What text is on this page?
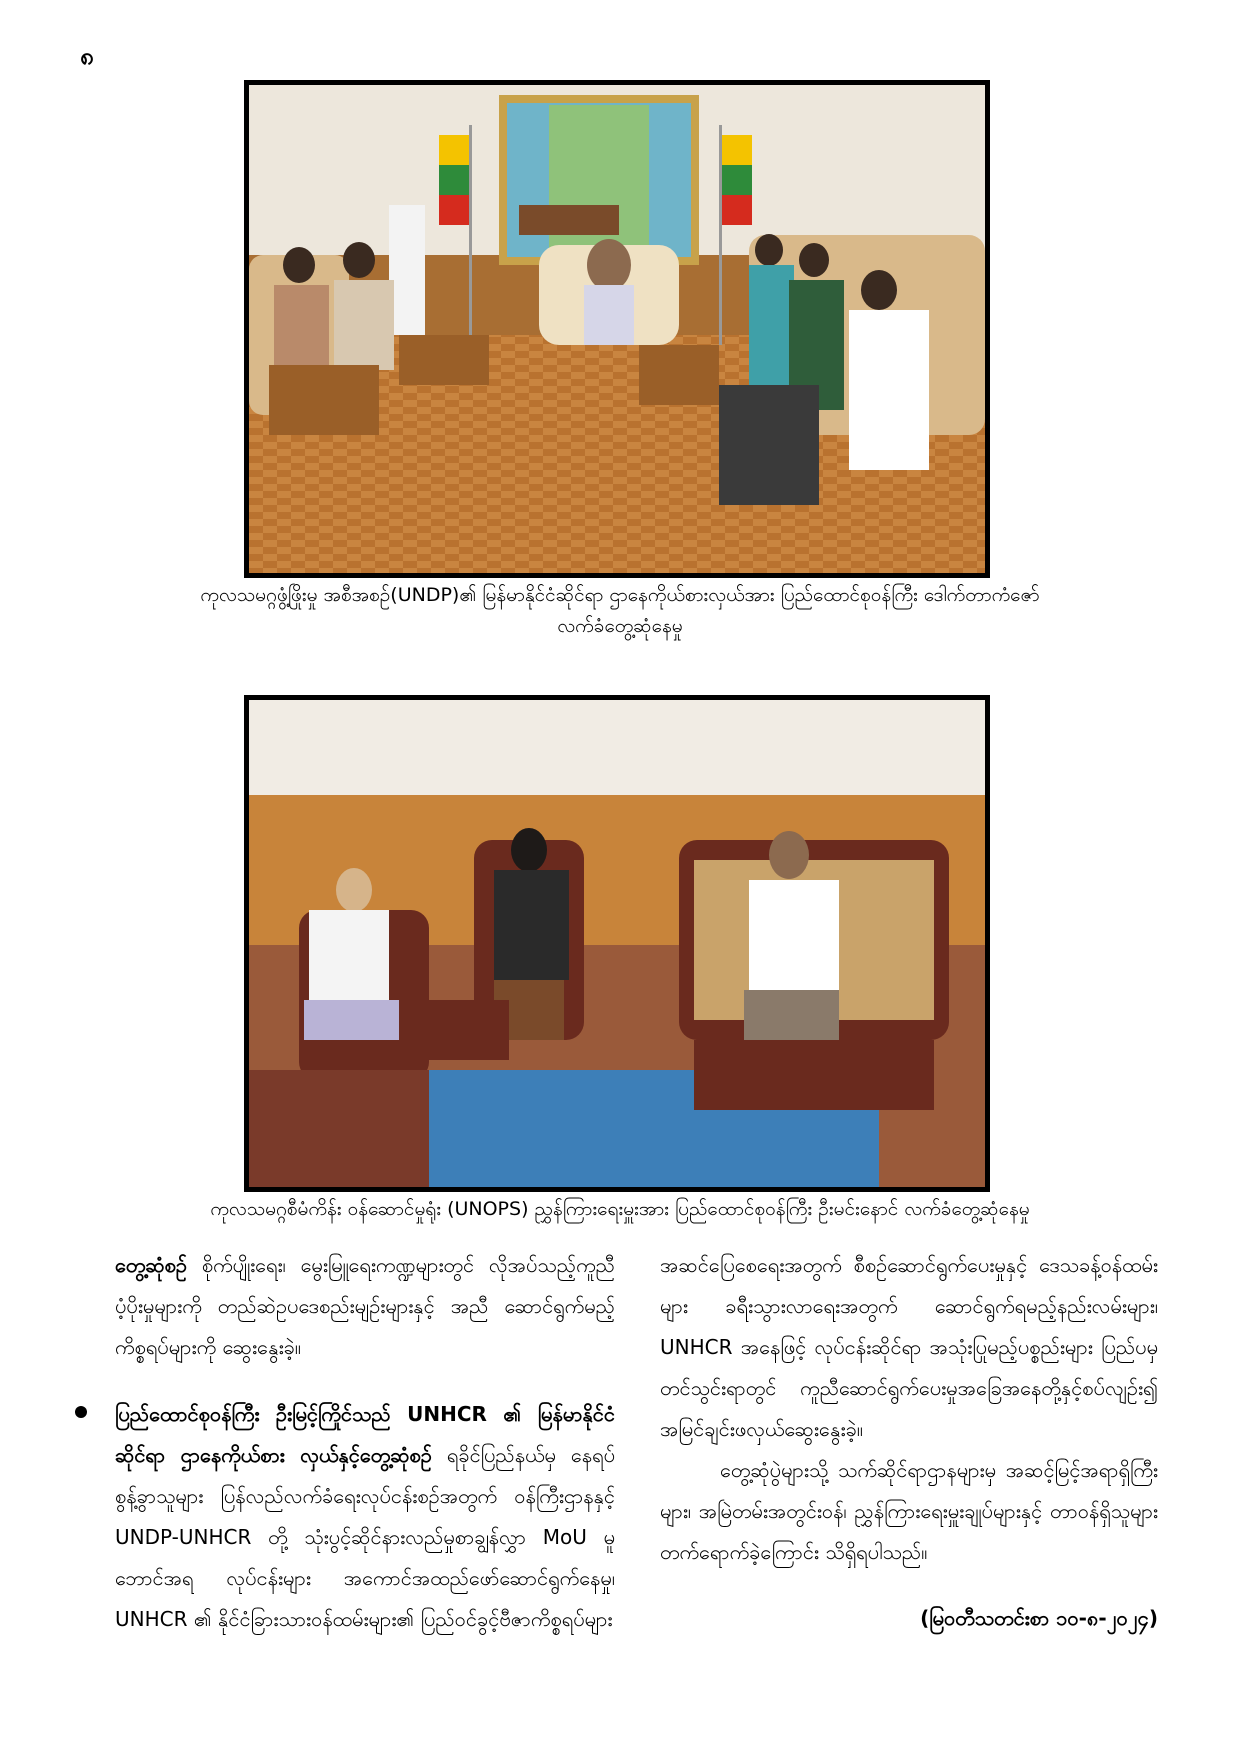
၈
ကုလသမဂ္ဂဖွံ့ဖြိုးမှု အစီအစဉ်(UNDP)၏ မြန်မာနိုင်ငံဆိုင်ရာ ဌာနေကိုယ်စားလှယ်အား ပြည်ထောင်စုဝန်ကြီး ဒေါက်တာကံဇော်
လက်ခံတွေ့ဆုံနေမှု
ကုလသမဂ္ဂစီမံကိန်း ဝန်ဆောင်မှုရုံး (UNOPS) ညွှန်ကြားရေးမှူးအား ပြည်ထောင်စုဝန်ကြီး ဦးမင်းနောင် လက်ခံတွေ့ဆုံနေမှု

တွေ့ဆုံစဉ် စိုက်ပျိုးရေး၊ မွေးမြူရေးကဏ္ဍများတွင် လိုအပ်သည့်ကူညီပံ့ပိုးမှုများကို တည်ဆဲဥပဒေစည်းမျဉ်းများနှင့် အညီ ဆောင်ရွက်မည့်ကိစ္စရပ်များကို ဆွေးနွေးခဲ့။

ပြည်ထောင်စုဝန်ကြီး ဦးမြင့်ကြိုင်သည် UNHCR ၏ မြန်မာနိုင်ငံဆိုင်ရာ ဌာနေကိုယ်စား လှယ်နှင့်တွေ့ဆုံစဉ် ရခိုင်ပြည်နယ်မှ နေရပ်စွန့်ခွာသူများ ပြန်လည်လက်ခံရေးလုပ်ငန်းစဉ်အတွက် ဝန်ကြီးဌာနနှင့် UNDP-UNHCR တို့ သုံးပွင့်ဆိုင်နားလည်မှုစာချွန်လွှာ MoU မူဘောင်အရ လုပ်ငန်းများ အကောင်အထည်ဖော်ဆောင်ရွက်နေမှု၊ UNHCR ၏ နိုင်ငံခြားသားဝန်ထမ်းများ၏ ပြည်ဝင်ခွင့်ဗီဇာကိစ္စရပ်များ

အဆင်ပြေစေရေးအတွက် စီစဉ်ဆောင်ရွက်ပေးမှုနှင့် ဒေသခန့်ဝန်ထမ်းများ ခရီးသွားလာရေးအတွက် ဆောင်ရွက်ရမည့်နည်းလမ်းများ၊ UNHCR အနေဖြင့် လုပ်ငန်းဆိုင်ရာ အသုံးပြုမည့်ပစ္စည်းများ ပြည်ပမှတင်သွင်းရာတွင် ကူညီဆောင်ရွက်ပေးမှုအခြေအနေတို့နှင့်စပ်လျဉ်း၍ အမြင်ချင်းဖလှယ်ဆွေးနွေးခဲ့။

တွေ့ဆုံပွဲများသို့ သက်ဆိုင်ရာဌာနများမှ အဆင့်မြင့်အရာရှိကြီးများ၊ အမြဲတမ်းအတွင်းဝန်၊ ညွှန်ကြားရေးမှူးချုပ်များနှင့် တာဝန်ရှိသူများ တက်ရောက်ခဲ့ကြောင်း သိရှိရပါသည်။

(မြဝတီသတင်းစာ ၁၀-၈-၂၀၂၄)
